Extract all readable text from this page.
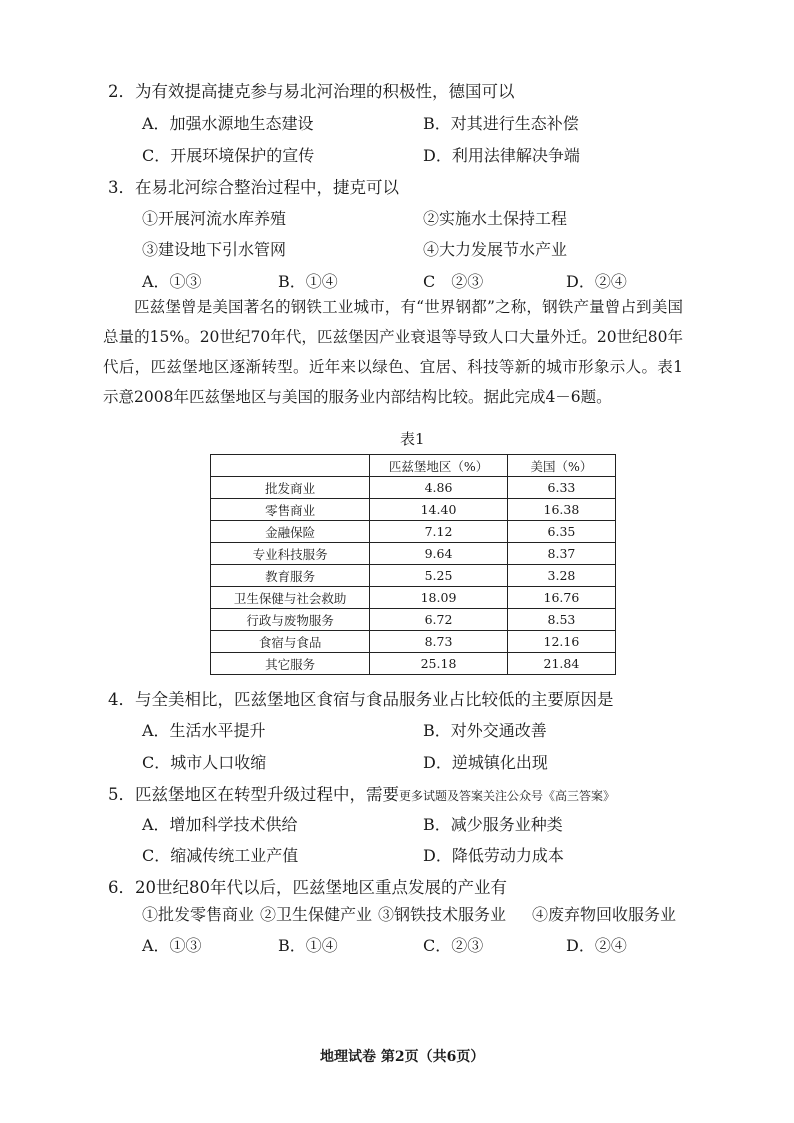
2．为有效提高捷克参与易北河治理的积极性，德国可以
A．加强水源地生态建设	B．对其进行生态补偿
C．开展环境保护的宣传	D．利用法律解决争端
3．在易北河综合整治过程中，捷克可以
①开展河流水库养殖	②实施水土保持工程
③建设地下引水管网	④大力发展节水产业
A．①③	B．①④	C　②③	D．②④

匹兹堡曾是美国著名的钢铁工业城市，有“世界钢都”之称，钢铁产量曾占到美国总量的15%。20世纪70年代，匹兹堡因产业衰退等导致人口大量外迁。20世纪80年代后，匹兹堡地区逐渐转型。近年来以绿色、宜居、科技等新的城市形象示人。表1示意2008年匹兹堡地区与美国的服务业内部结构比较。据此完成4－6题。

表1
	匹兹堡地区（%）	美国（%）
批发商业	4.86	6.33
零售商业	14.40	16.38
金融保险	7.12	6.35
专业科技服务	9.64	8.37
教育服务	5.25	3.28
卫生保健与社会救助	18.09	16.76
行政与废物服务	6.72	8.53
食宿与食品	8.73	12.16
其它服务	25.18	21.84
4．与全美相比，匹兹堡地区食宿与食品服务业占比较低的主要原因是
A．生活水平提升	B．对外交通改善
C．城市人口收缩	D．逆城镇化出现
5．匹兹堡地区在转型升级过程中，需要更多试题及答案关注公众号《高三答案》
A．增加科学技术供给	B．减少服务业种类
C．缩减传统工业产值	D．降低劳动力成本
6．20世纪80年代以后，匹兹堡地区重点发展的产业有
①批发零售商业 ②卫生保健产业 ③钢铁技术服务业 ④废弃物回收服务业
A．①③	B．①④	C．②③	D．②④
地理试卷 第2页（共6页）
